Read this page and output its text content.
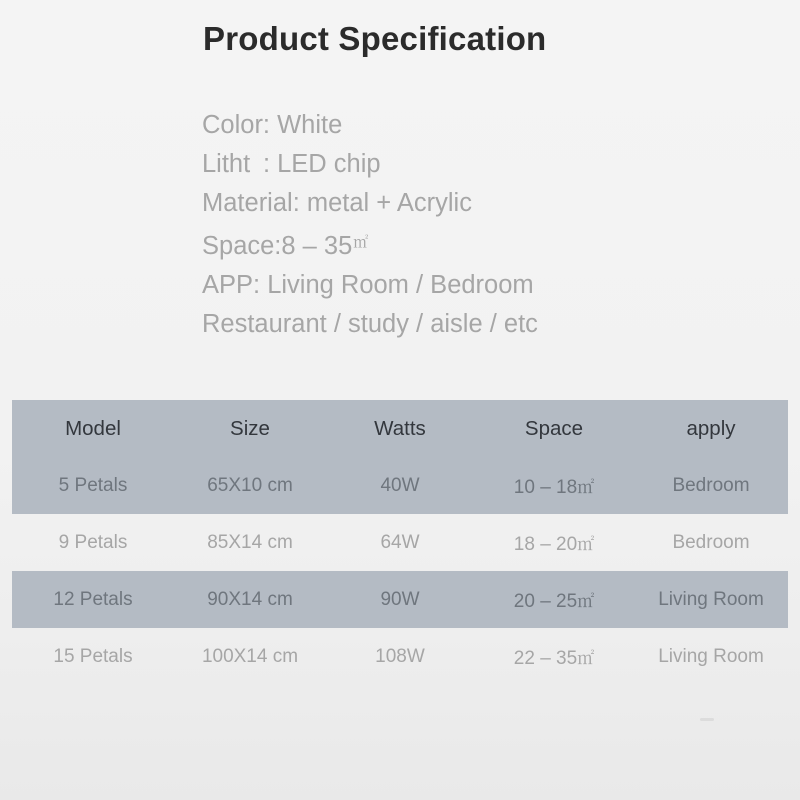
Product Specification
Color: White
Litht : LED chip
Material: metal + Acrylic
Space:8 – 35㎡
APP: Living Room / Bedroom
Restaurant / study / aisle / etc
Model	Size	Watts	Space	apply
5 Petals	65X10 cm	40W	10 – 18㎡	Bedroom
9 Petals	85X14 cm	64W	18 – 20㎡	Bedroom
12 Petals	90X14 cm	90W	20 – 25㎡	Living Room
15 Petals	100X14 cm	108W	22 – 35㎡	Living Room
